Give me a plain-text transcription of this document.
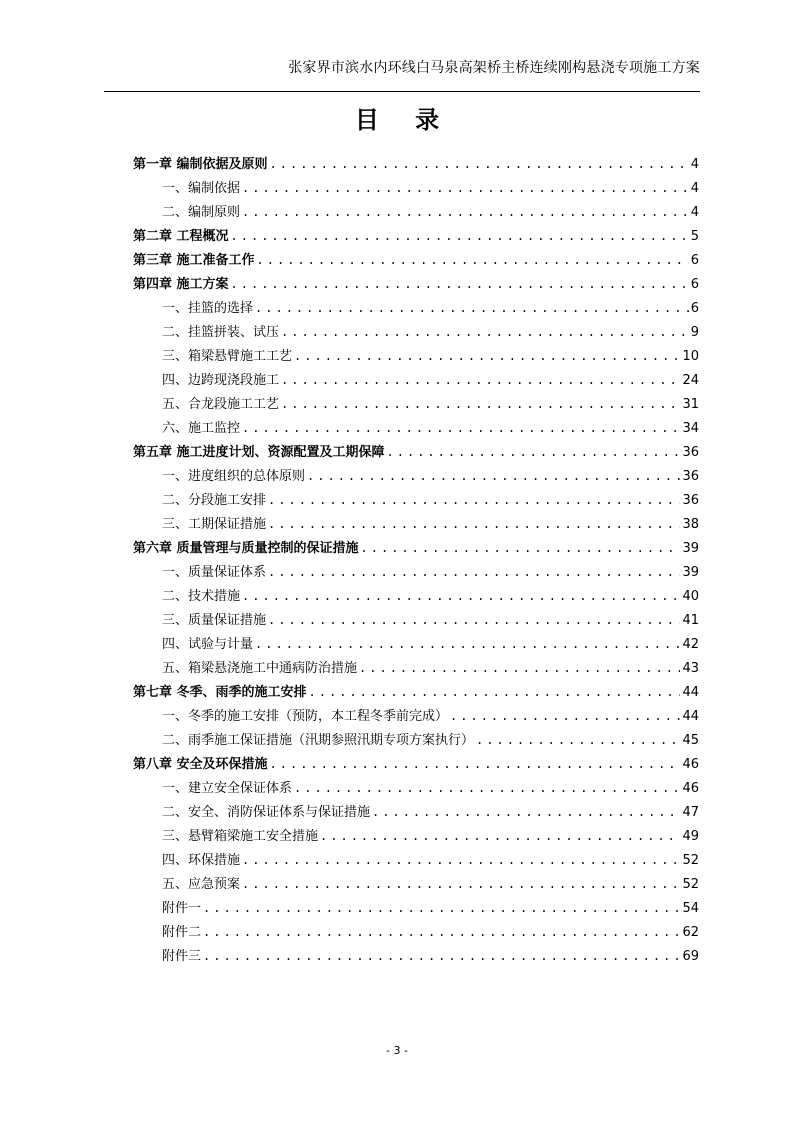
张家界市滨水内环线白马泉高架桥主桥连续刚构悬浇专项施工方案
目 录
第一章 编制依据及原则 .....	4
一、编制依据 .....	4
二、编制原则 .....	4
第二章 工程概况 .....	5
第三章 施工准备工作 .....	6
第四章 施工方案 .....	6
一、挂篮的选择 .....	6
二、挂篮拼装、试压 .....	9
三、箱梁悬臂施工工艺 .....	10
四、边跨现浇段施工 .....	24
五、合龙段施工工艺 .....	31
六、施工监控 .....	34
第五章 施工进度计划、资源配置及工期保障 .....	36
一、进度组织的总体原则 .....	36
二、分段施工安排 .....	36
三、工期保证措施 .....	38
第六章 质量管理与质量控制的保证措施 .....	39
一、质量保证体系 .....	39
二、技术措施 .....	40
三、质量保证措施 .....	41
四、试验与计量 .....	42
五、箱梁悬浇施工中通病防治措施 .....	43
第七章 冬季、雨季的施工安排 .....	44
一、冬季的施工安排（预防，本工程冬季前完成） .....	44
二、雨季施工保证措施（汛期参照汛期专项方案执行） .....	45
第八章 安全及环保措施 .....	46
一、建立安全保证体系 .....	46
二、安全、消防保证体系与保证措施 .....	47
三、悬臂箱梁施工安全措施 .....	49
四、环保措施 .....	52
五、应急预案 .....	52
附件一 .....	54
附件二 .....	62
附件三 .....	69
- 3 -
